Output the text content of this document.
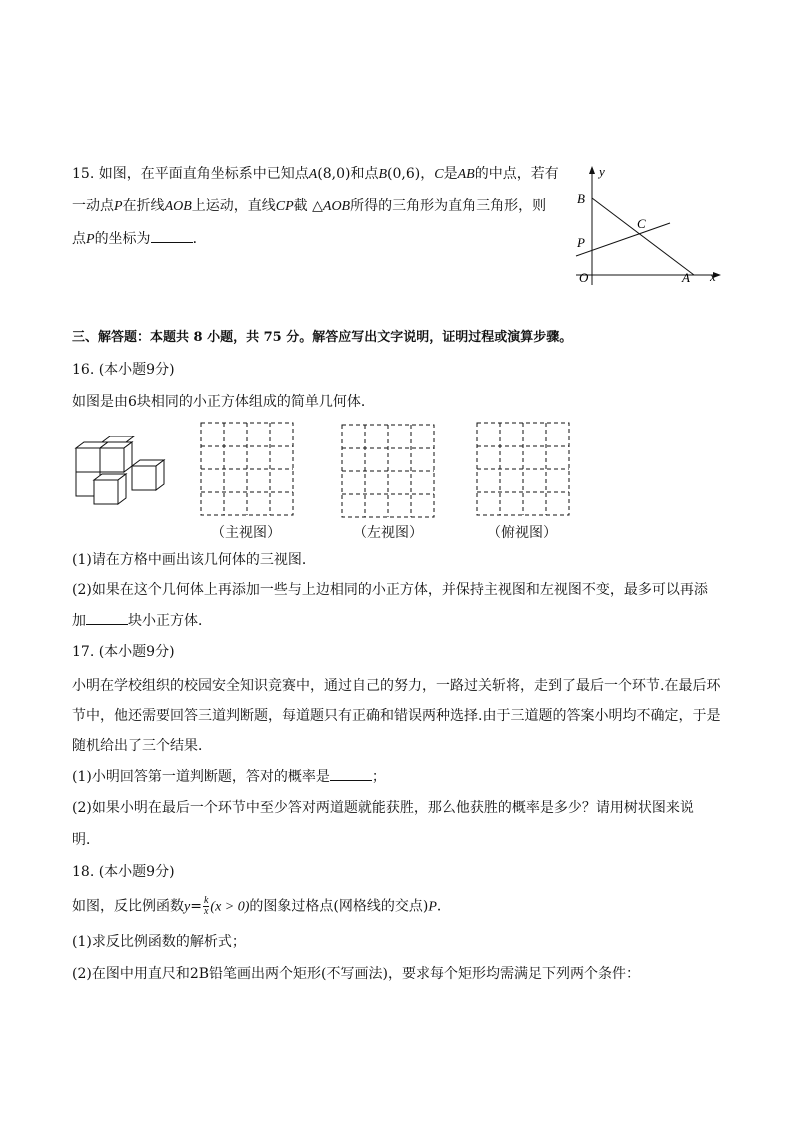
15. 如图，在平面直角坐标系中已知点A(8,0)和点B(0,6)，C是AB的中点，若有
一动点P在折线AOB上运动，直线CP截 △AOB所得的三角形为直角三角形，则
点P的坐标为	．
y
B
C
P
O	A x
三、解答题：本题共 8 小题，共 75 分。解答应写出文字说明，证明过程或演算步骤。
16. (本小题9分)
如图是由6块相同的小正方体组成的简单几何体．
（主视图）	（左视图）	（俯视图）
(1)请在方格中画出该几何体的三视图．
(2)如果在这个几何体上再添加一些与上边相同的小正方体，并保持主视图和左视图不变，最多可以再添
加	块小正方体．
17. (本小题9分)
小明在学校组织的校园安全知识竞赛中，通过自己的努力，一路过关斩将，走到了最后一个环节.在最后环
节中，他还需要回答三道判断题，每道题只有正确和错误两种选择.由于三道题的答案小明均不确定，于是
随机给出了三个结果．
(1)小明回答第一道判断题，答对的概率是	；
(2)如果小明在最后一个环节中至少答对两道题就能获胜，那么他获胜的概率是多少？请用树状图来说
明．
18. (本小题9分)
如图，反比例函数$y= \frac{k}{x} (x > 0)$的图象过格点(网格线的交点)P．
(1)求反比例函数的解析式；
(2)在图中用直尺和2B铅笔画出两个矩形(不写画法)，要求每个矩形均需满足下列两个条件：
